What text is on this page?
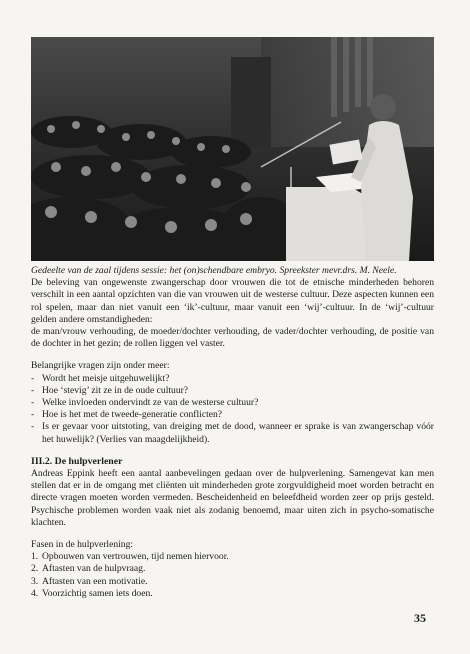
Gedeelte van de zaal tijdens sessie: het (on)schendbare embryo. Spreekster mevr.drs. M. Neele.

De beleving van ongewenste zwangerschap door vrouwen die tot de etnische minderheden behoren verschilt in een aantal opzichten van die van vrouwen uit de westerse cultuur. Deze aspecten kunnen een rol spelen, maar dan niet vanuit een ‘ik’-cultuur, maar vanuit een ‘wij’-cultuur. In de ‘wij’-cultuur gelden andere omstandigheden:

de man/vrouw verhouding, de moeder/dochter verhouding, de vader/dochter verhouding, de positie van de dochter in het gezin; de rollen liggen vel vaster.

Belangrijke vragen zijn onder meer:

- Wordt het meisje uitgehuwelijkt?
- Hoe ‘stevig’ zit ze in de oude cultuur?
- Welke invloeden ondervindt ze van de westerse cultuur?
- Hoe is het met de tweede-generatie conflicten?
- Is er gevaar voor uitstoting, van dreiging met de dood, wanneer er sprake is van zwangerschap vóór het huwelijk? (Verlies van maagdelijkheid).
III.2. De hulpverlener

Andreas Eppink heeft een aantal aanbevelingen gedaan over de hulpverlening. Samengevat kan men stellen dat er in de omgang met cliënten uit minderheden grote zorgvuldigheid moet worden betracht en directe vragen moeten worden vermeden. Bescheidenheid en beleefdheid worden zeer op prijs gesteld. Psychische problemen worden vaak niet als zodanig benoemd, maar uiten zich in psycho-somatische klachten.

Fasen in de hulpverlening:

1. Opbouwen van vertrouwen, tijd nemen hiervoor.
2. Aftasten van de hulpvraag.
3. Aftasten van een motivatie.
4. Voorzichtig samen iets doen.
35
